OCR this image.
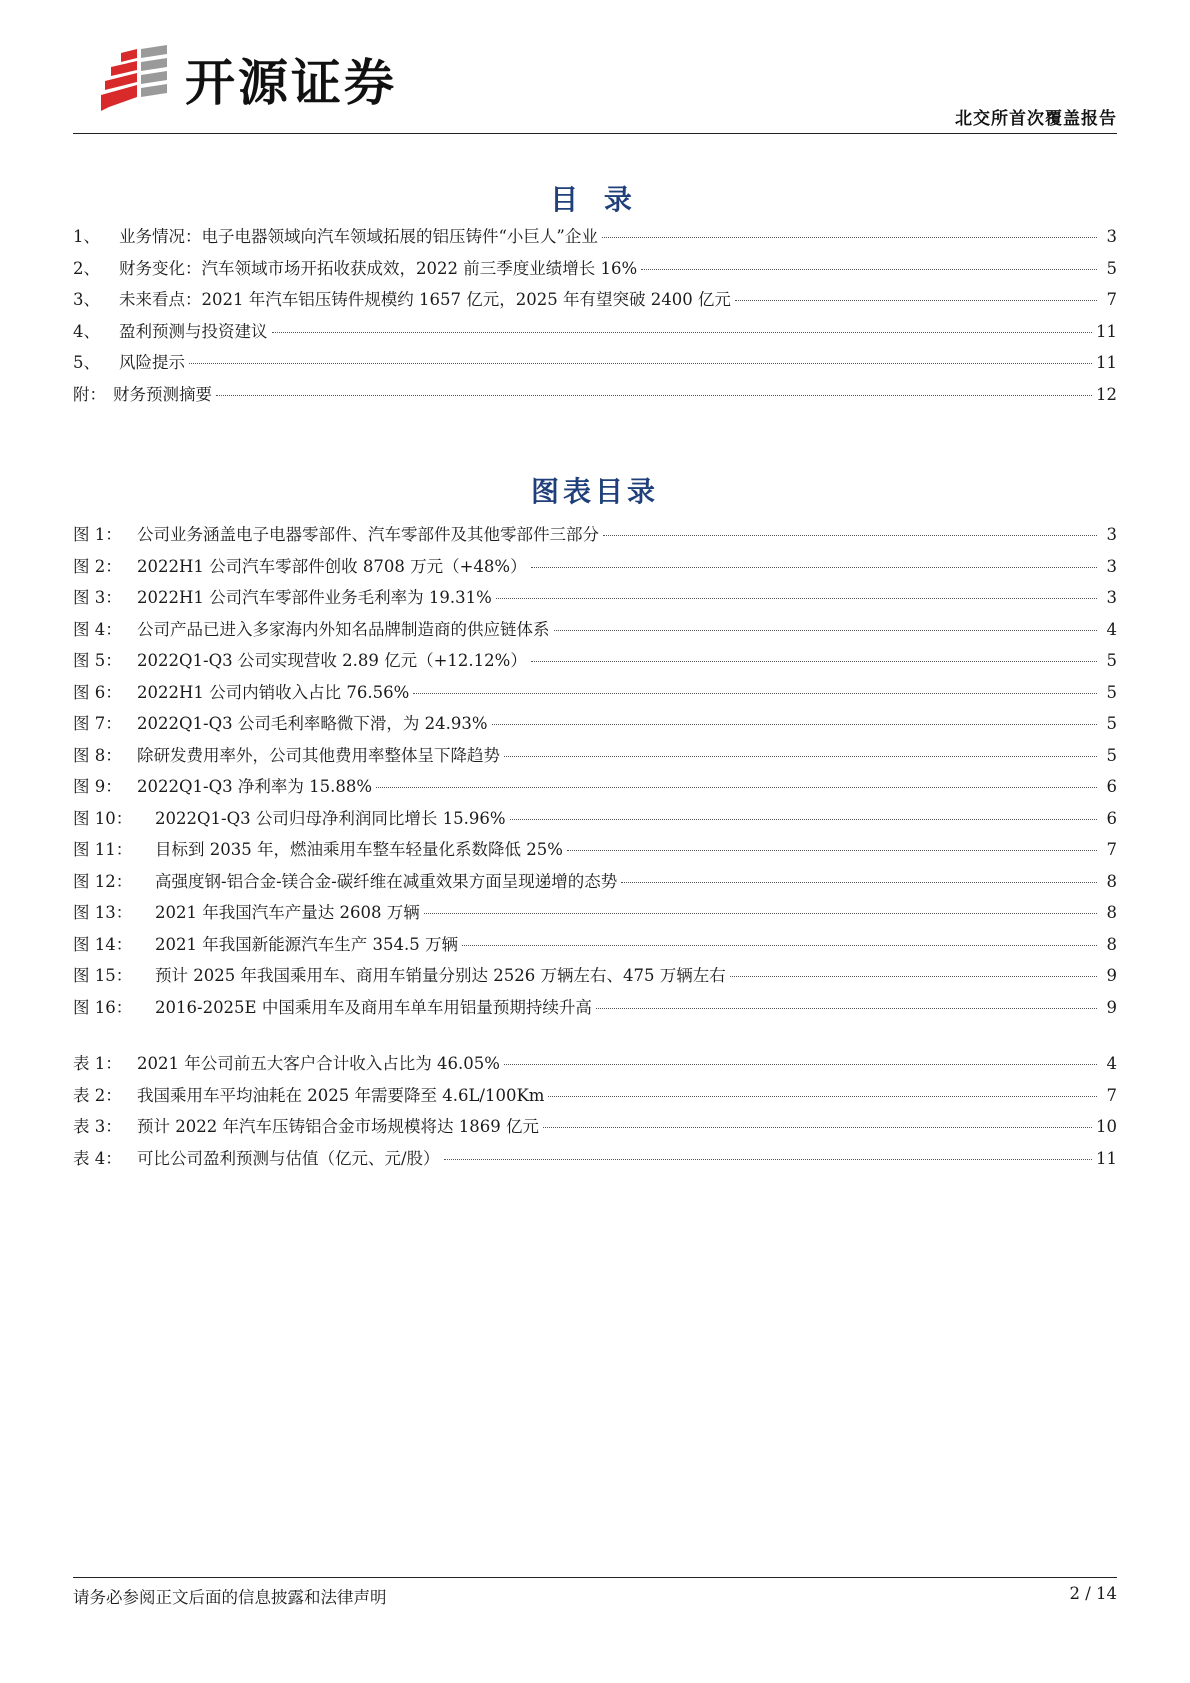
开源证券
北交所首次覆盖报告
目 录
1、	业务情况：电子电器领域向汽车领域拓展的铝压铸件“小巨人”企业	3
2、	财务变化：汽车领域市场开拓收获成效，2022 前三季度业绩增长 16%	5
3、	未来看点：2021 年汽车铝压铸件规模约 1657 亿元，2025 年有望突破 2400 亿元	7
4、	盈利预测与投资建议	11
5、	风险提示	11
附： 财务预测摘要	12
图表目录
图 1： 公司业务涵盖电子电器零部件、汽车零部件及其他零部件三部分	3
图 2： 2022H1 公司汽车零部件创收 8708 万元（+48%）	3
图 3： 2022H1 公司汽车零部件业务毛利率为 19.31%	3
图 4： 公司产品已进入多家海内外知名品牌制造商的供应链体系	4
图 5： 2022Q1-Q3 公司实现营收 2.89 亿元（+12.12%）	5
图 6： 2022H1 公司内销收入占比 76.56%	5
图 7： 2022Q1-Q3 公司毛利率略微下滑，为 24.93%	5
图 8： 除研发费用率外，公司其他费用率整体呈下降趋势	5
图 9： 2022Q1-Q3 净利率为 15.88%	6
图 10：	2022Q1-Q3 公司归母净利润同比增长 15.96%	6
图 11：	目标到 2035 年，燃油乘用车整车轻量化系数降低 25%	7
图 12：	高强度钢-铝合金-镁合金-碳纤维在减重效果方面呈现递增的态势	8
图 13：	2021 年我国汽车产量达 2608 万辆	8
图 14：	2021 年我国新能源汽车生产 354.5 万辆	8
图 15：	预计 2025 年我国乘用车、商用车销量分别达 2526 万辆左右、475 万辆左右	9
图 16：	2016-2025E 中国乘用车及商用车单车用铝量预期持续升高	9
表 1： 2021 年公司前五大客户合计收入占比为 46.05%	4
表 2： 我国乘用车平均油耗在 2025 年需要降至 4.6L/100Km	7
表 3： 预计 2022 年汽车压铸铝合金市场规模将达 1869 亿元	10
表 4： 可比公司盈利预测与估值（亿元、元/股）	11
请务必参阅正文后面的信息披露和法律声明	2 / 14
